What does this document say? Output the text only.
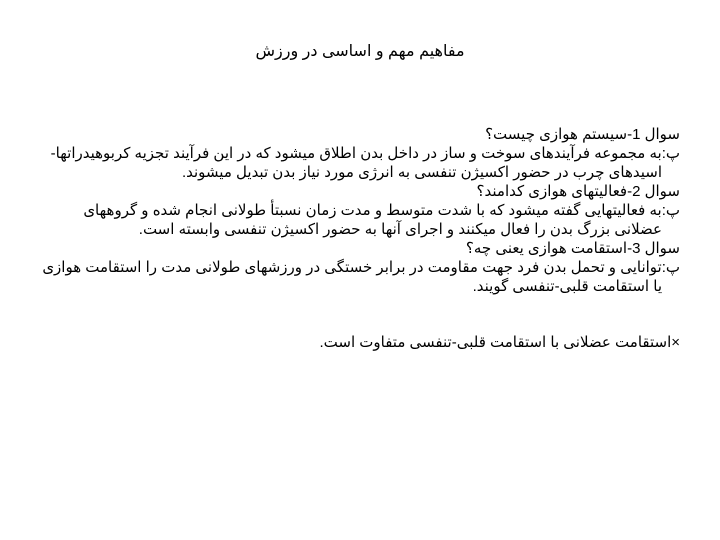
مفاهیم مهم و اساسی در ورزش

سوال 1-سیستم هوازی چیست؟

پ:به مجموعه فرآیندهای سوخت و ساز در داخل بدن اطلاق میشود که در این فرآیند تجزیه کربوهیدراتها-اسیدهای چرب در حضور اکسیژن تنفسی به انرژی مورد نیاز بدن تبدیل میشوند.

سوال 2-فعالیتهای هوازی کدامند؟

پ:به فعالیتهایی گفته میشود که با شدت متوسط و مدت زمان نسبتأ طولانی انجام شده و گروههای عضلانی بزرگ بدن را فعال میکنند و اجرای آنها به حضور اکسیژن تنفسی وابسته است.

سوال 3-استقامت هوازی یعنی چه؟

پ:توانایی و تحمل بدن فرد جهت مقاومت در برابر خستگی در ورزشهای طولانی مدت را استقامت هوازی یا استقامت قلبی-تنفسی گویند.

×استقامت عضلانی با استقامت قلبی-تنفسی متفاوت است.
